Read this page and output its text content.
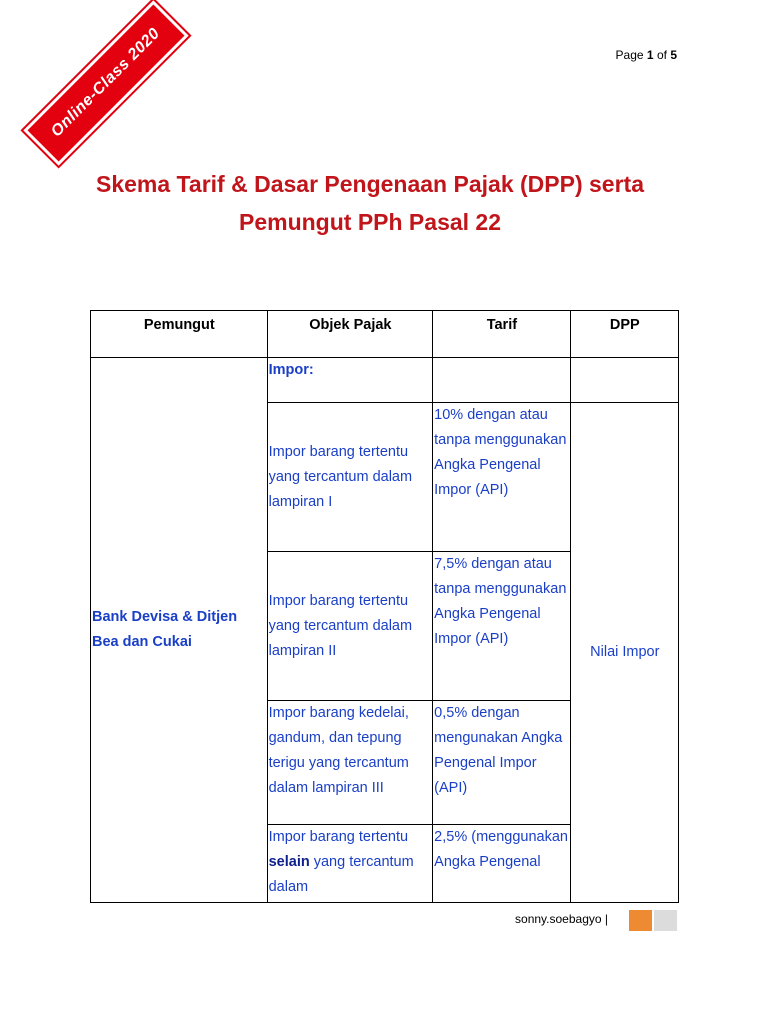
Online-Class 2020	Page 1 of 5
Skema Tarif & Dasar Pengenaan Pajak (DPP) serta
Pemungut PPh Pasal 22
Pemungut	Objek Pajak	Tarif	DPP
Bank Devisa & Ditjen Bea dan Cukai	Impor:		
	Impor barang tertentu yang tercantum dalam lampiran I	10% dengan atau tanpa menggunakan Angka Pengenal Impor (API)	Nilai Impor
	Impor barang tertentu yang tercantum dalam lampiran II	7,5% dengan atau tanpa menggunakan Angka Pengenal Impor (API)	
	Impor barang kedelai, gandum, dan tepung terigu yang tercantum dalam lampiran III	0,5% dengan mengunakan Angka Pengenal Impor (API)	
	Impor barang tertentu selain yang tercantum dalam	2,5% (menggunakan Angka Pengenal	
sonny.soebagyo |
